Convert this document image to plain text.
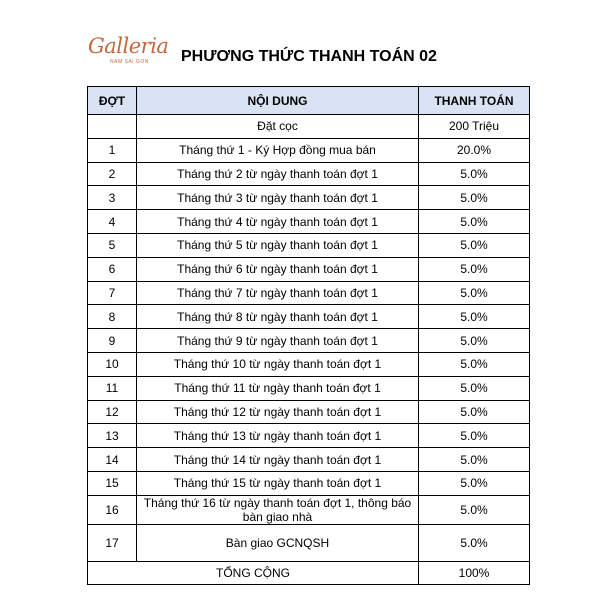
Galleria
NAM SAI GON PHƯƠNG THỨC THANH TOÁN 02
ĐỢT	NỘI DUNG	THANH TOÁN
	Đặt cọc	200 Triệu
1	Tháng thứ 1 - Ký Hợp đồng mua bán	20.0%
2	Tháng thứ 2 từ ngày thanh toán đợt 1	5.0%
3	Tháng thứ 3 từ ngày thanh toán đợt 1	5.0%
4	Tháng thứ 4 từ ngày thanh toán đợt 1	5.0%
5	Tháng thứ 5 từ ngày thanh toán đợt 1	5.0%
6	Tháng thứ 6 từ ngày thanh toán đợt 1	5.0%
7	Tháng thứ 7 từ ngày thanh toán đợt 1	5.0%
8	Tháng thứ 8 từ ngày thanh toán đợt 1	5.0%
9	Tháng thứ 9 từ ngày thanh toán đợt 1	5.0%
10	Tháng thứ 10 từ ngày thanh toán đợt 1	5.0%
11	Tháng thứ 11 từ ngày thanh toán đợt 1	5.0%
12	Tháng thứ 12 từ ngày thanh toán đợt 1	5.0%
13	Tháng thứ 13 từ ngày thanh toán đợt 1	5.0%
14	Tháng thứ 14 từ ngày thanh toán đợt 1	5.0%
15	Tháng thứ 15 từ ngày thanh toán đợt 1	5.0%
16	Tháng thứ 16 từ ngày thanh toán đợt 1, thông báo bàn giao nhà	5.0%
17	Bàn giao GCNQSH	5.0%
TỔNG CỘNG		100%
